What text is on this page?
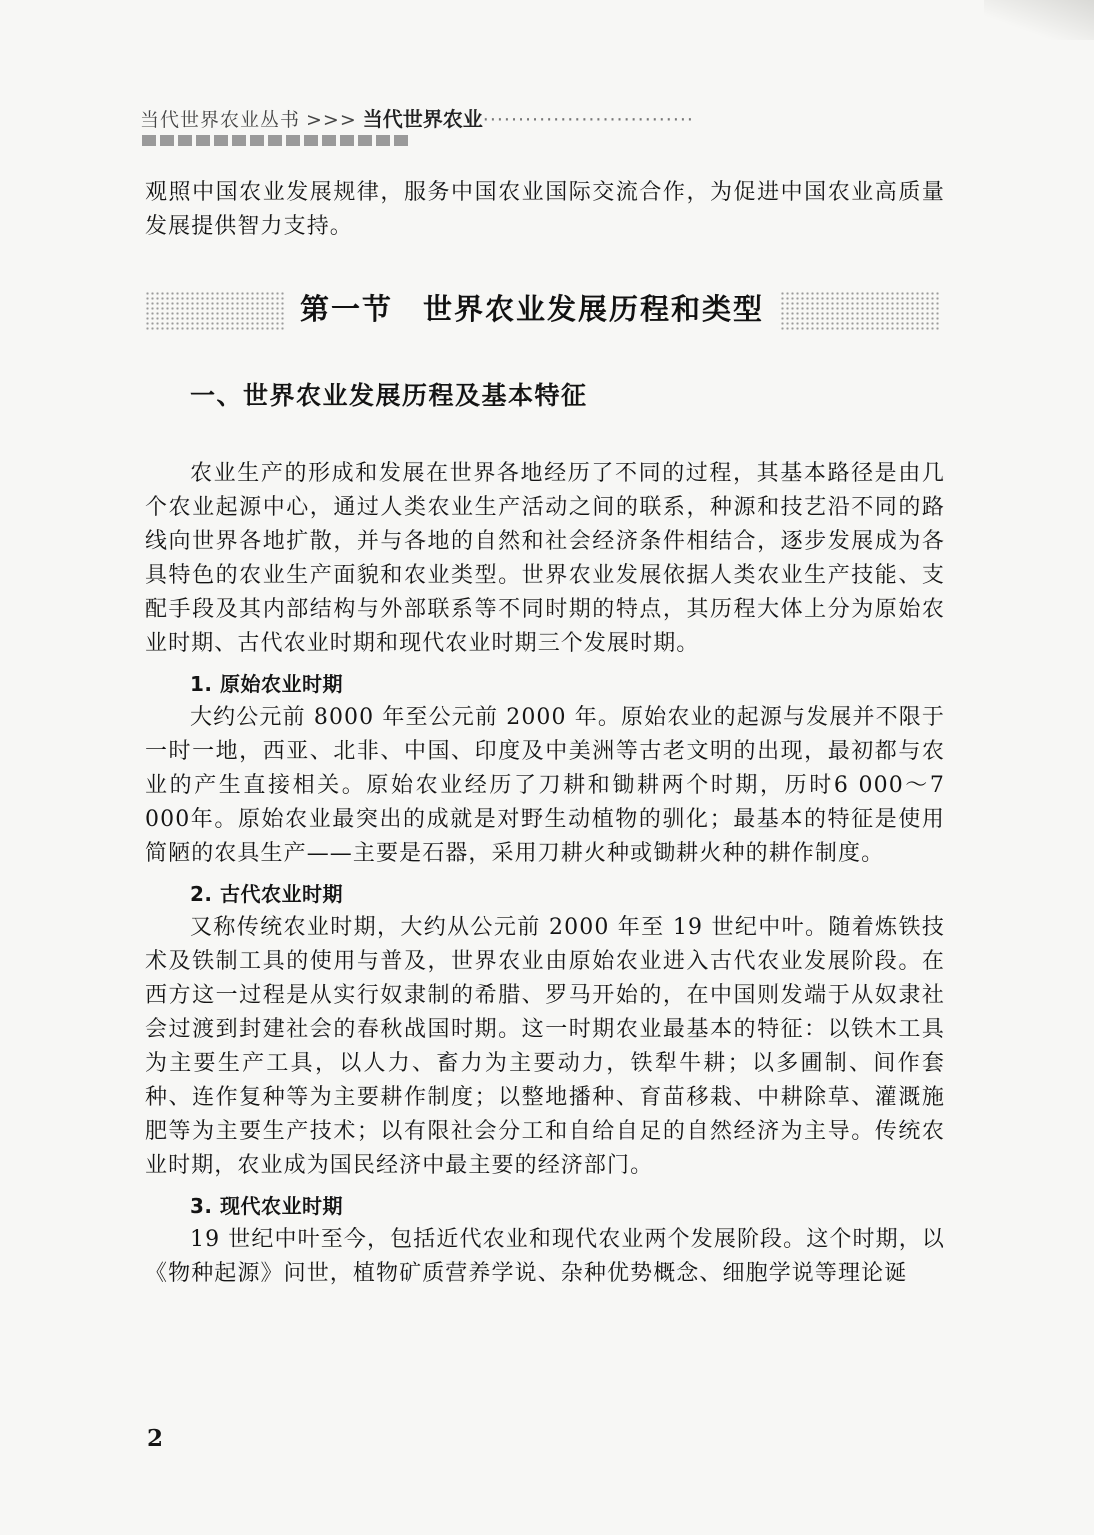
当代世界农业丛书 >>> 当代世界农业······························

观照中国农业发展规律，服务中国农业国际交流合作，为促进中国农业高质量发展提供智力支持。

第一节 世界农业发展历程和类型
一、世界农业发展历程及基本特征

农业生产的形成和发展在世界各地经历了不同的过程，其基本路径是由几个农业起源中心，通过人类农业生产活动之间的联系，种源和技艺沿不同的路线向世界各地扩散，并与各地的自然和社会经济条件相结合，逐步发展成为各具特色的农业生产面貌和农业类型。世界农业发展依据人类农业生产技能、支配手段及其内部结构与外部联系等不同时期的特点，其历程大体上分为原始农业时期、古代农业时期和现代农业时期三个发展时期。

1. 原始农业时期

大约公元前 8000 年至公元前 2000 年。原始农业的起源与发展并不限于一时一地，西亚、北非、中国、印度及中美洲等古老文明的出现，最初都与农业的产生直接相关。原始农业经历了刀耕和锄耕两个时期，历时6 000～7 000年。原始农业最突出的成就是对野生动植物的驯化；最基本的特征是使用简陋的农具生产——主要是石器，采用刀耕火种或锄耕火种的耕作制度。

2. 古代农业时期

又称传统农业时期，大约从公元前 2000 年至 19 世纪中叶。随着炼铁技术及铁制工具的使用与普及，世界农业由原始农业进入古代农业发展阶段。在西方这一过程是从实行奴隶制的希腊、罗马开始的，在中国则发端于从奴隶社会过渡到封建社会的春秋战国时期。这一时期农业最基本的特征：以铁木工具为主要生产工具，以人力、畜力为主要动力，铁犁牛耕；以多圃制、间作套种、连作复种等为主要耕作制度；以整地播种、育苗移栽、中耕除草、灌溉施肥等为主要生产技术；以有限社会分工和自给自足的自然经济为主导。传统农业时期，农业成为国民经济中最主要的经济部门。

3. 现代农业时期

19 世纪中叶至今，包括近代农业和现代农业两个发展阶段。这个时期，以《物种起源》问世，植物矿质营养学说、杂种优势概念、细胞学说等理论诞

2
